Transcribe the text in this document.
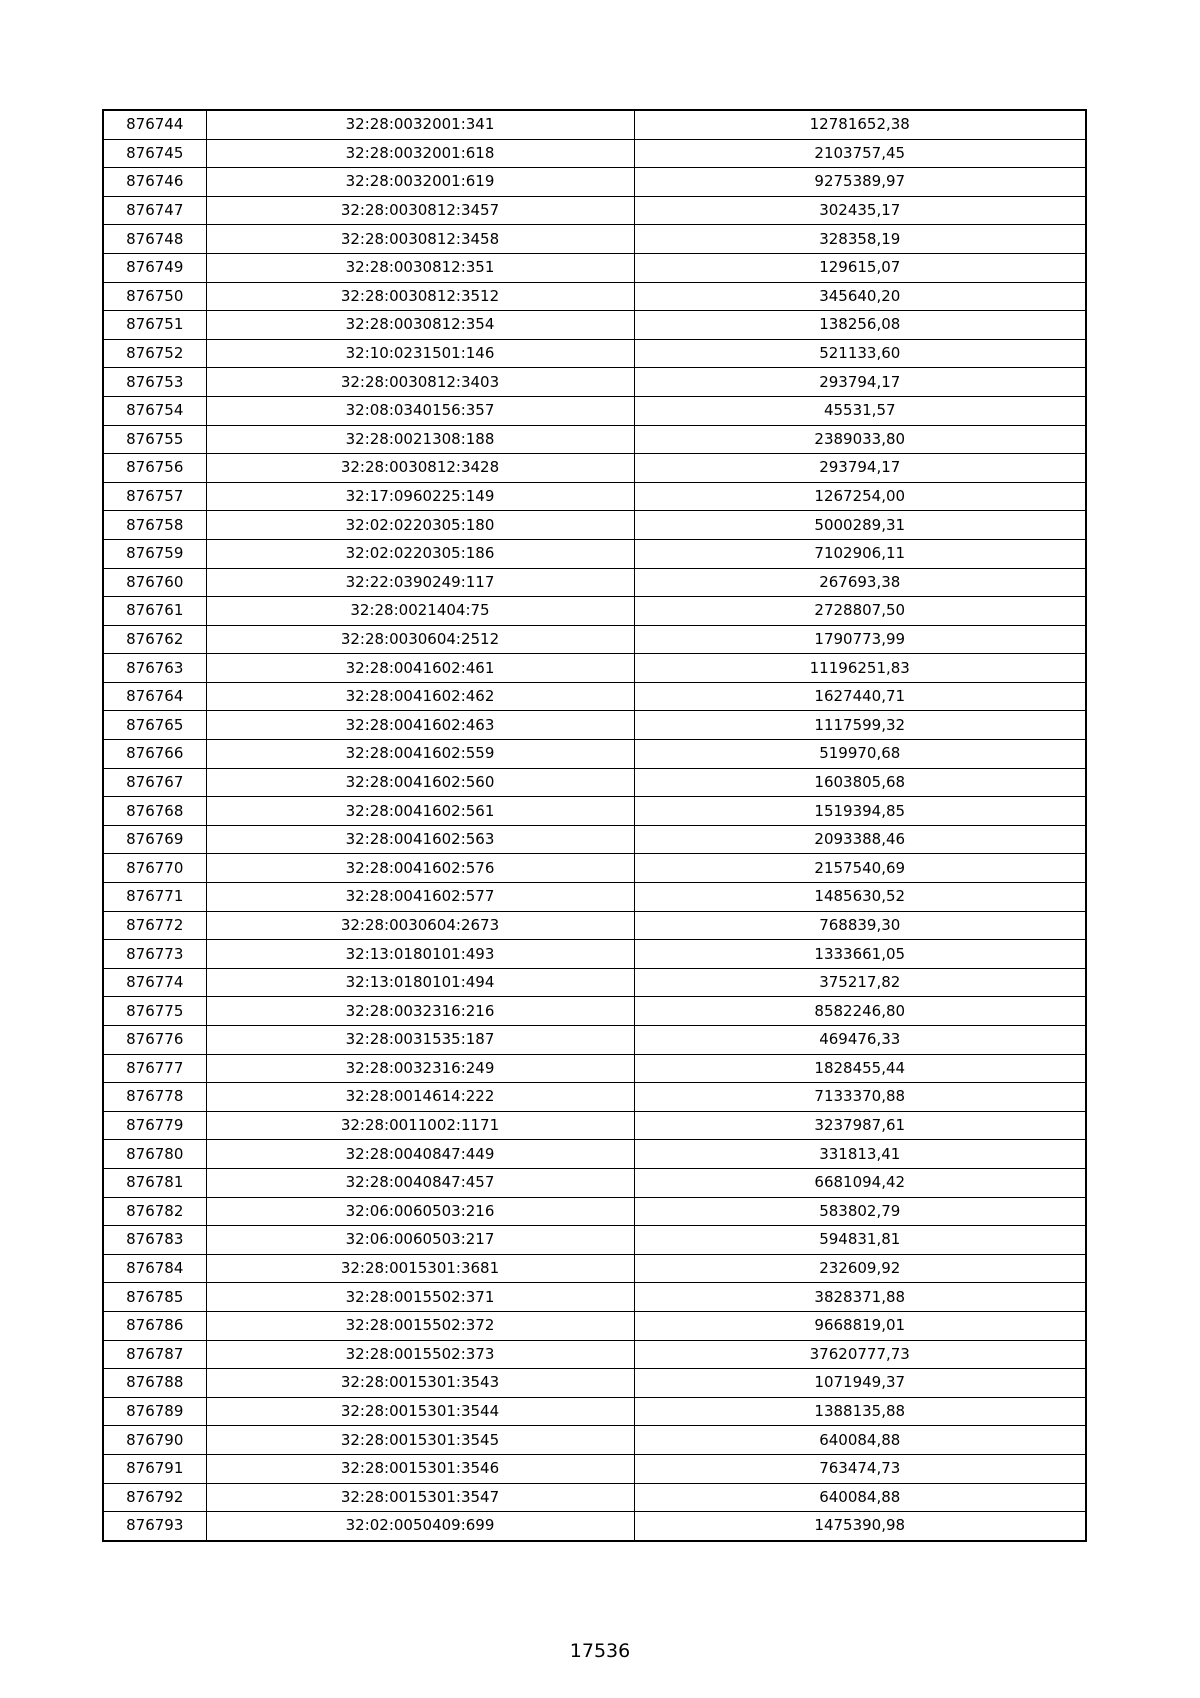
876744	32:28:0032001:341	12781652,38
876745	32:28:0032001:618	2103757,45
876746	32:28:0032001:619	9275389,97
876747	32:28:0030812:3457	302435,17
876748	32:28:0030812:3458	328358,19
876749	32:28:0030812:351	129615,07
876750	32:28:0030812:3512	345640,20
876751	32:28:0030812:354	138256,08
876752	32:10:0231501:146	521133,60
876753	32:28:0030812:3403	293794,17
876754	32:08:0340156:357	45531,57
876755	32:28:0021308:188	2389033,80
876756	32:28:0030812:3428	293794,17
876757	32:17:0960225:149	1267254,00
876758	32:02:0220305:180	5000289,31
876759	32:02:0220305:186	7102906,11
876760	32:22:0390249:117	267693,38
876761	32:28:0021404:75	2728807,50
876762	32:28:0030604:2512	1790773,99
876763	32:28:0041602:461	11196251,83
876764	32:28:0041602:462	1627440,71
876765	32:28:0041602:463	1117599,32
876766	32:28:0041602:559	519970,68
876767	32:28:0041602:560	1603805,68
876768	32:28:0041602:561	1519394,85
876769	32:28:0041602:563	2093388,46
876770	32:28:0041602:576	2157540,69
876771	32:28:0041602:577	1485630,52
876772	32:28:0030604:2673	768839,30
876773	32:13:0180101:493	1333661,05
876774	32:13:0180101:494	375217,82
876775	32:28:0032316:216	8582246,80
876776	32:28:0031535:187	469476,33
876777	32:28:0032316:249	1828455,44
876778	32:28:0014614:222	7133370,88
876779	32:28:0011002:1171	3237987,61
876780	32:28:0040847:449	331813,41
876781	32:28:0040847:457	6681094,42
876782	32:06:0060503:216	583802,79
876783	32:06:0060503:217	594831,81
876784	32:28:0015301:3681	232609,92
876785	32:28:0015502:371	3828371,88
876786	32:28:0015502:372	9668819,01
876787	32:28:0015502:373	37620777,73
876788	32:28:0015301:3543	1071949,37
876789	32:28:0015301:3544	1388135,88
876790	32:28:0015301:3545	640084,88
876791	32:28:0015301:3546	763474,73
876792	32:28:0015301:3547	640084,88
876793	32:02:0050409:699	1475390,98
17536
